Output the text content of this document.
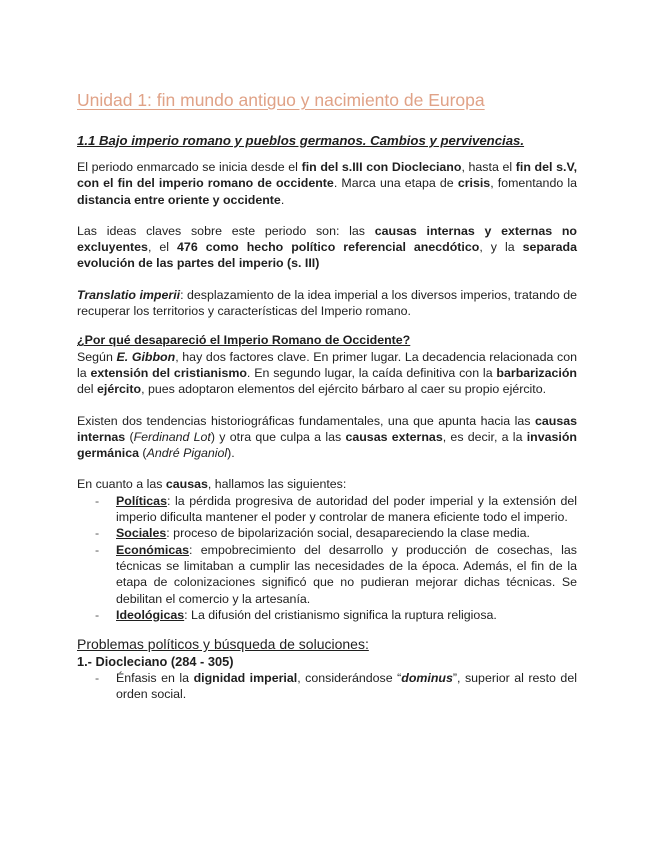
Unidad 1: fin mundo antiguo y nacimiento de Europa
1.1 Bajo imperio romano y pueblos germanos. Cambios y pervivencias.

El periodo enmarcado se inicia desde el fin del s.III con Diocleciano, hasta el fin del s.V, con el fin del imperio romano de occidente. Marca una etapa de crisis, fomentando la distancia entre oriente y occidente.

Las ideas claves sobre este periodo son: las causas internas y externas no excluyentes, el 476 como hecho político referencial anecdótico, y la separada evolución de las partes del imperio (s. III)

Translatio imperii: desplazamiento de la idea imperial a los diversos imperios, tratando de recuperar los territorios y características del Imperio romano.

¿Por qué desapareció el Imperio Romano de Occidente?

Según E. Gibbon, hay dos factores clave. En primer lugar. La decadencia relacionada con la extensión del cristianismo. En segundo lugar, la caída definitiva con la barbarización del ejército, pues adoptaron elementos del ejército bárbaro al caer su propio ejército.

Existen dos tendencias historiográficas fundamentales, una que apunta hacia las causas internas (Ferdinand Lot) y otra que culpa a las causas externas, es decir, a la invasión germánica (André Piganiol).

En cuanto a las causas, hallamos las siguientes:

- Políticas: la pérdida progresiva de autoridad del poder imperial y la extensión del imperio dificulta mantener el poder y controlar de manera eficiente todo el imperio.
- Sociales: proceso de bipolarización social, desapareciendo la clase media.
- Económicas: empobrecimiento del desarrollo y producción de cosechas, las técnicas se limitaban a cumplir las necesidades de la época. Además, el fin de la etapa de colonizaciones significó que no pudieran mejorar dichas técnicas. Se debilitan el comercio y la artesanía.
- Ideológicas: La difusión del cristianismo significa la ruptura religiosa.
Problemas políticos y búsqueda de soluciones:
1.- Diocleciano (284 - 305)
- Énfasis en la dignidad imperial, considerándose “dominus”, superior al resto del orden social.
